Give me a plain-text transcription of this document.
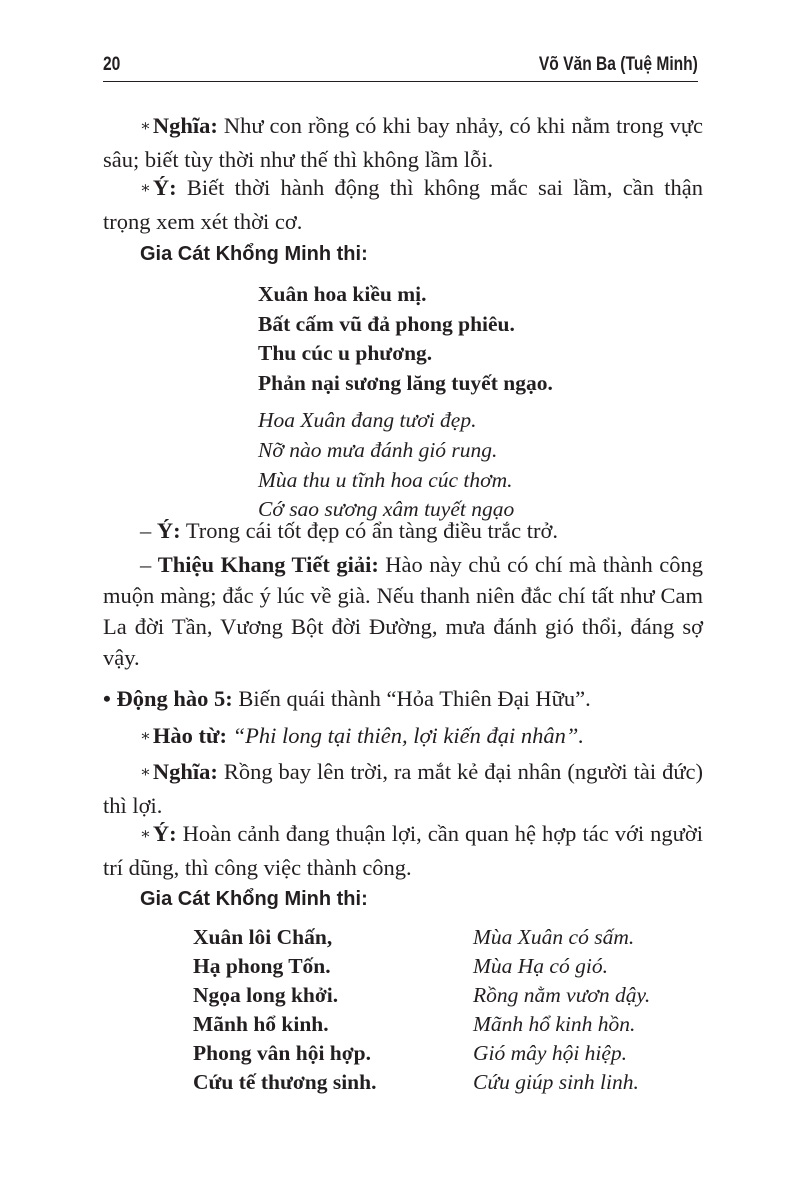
20	Võ Văn Ba (Tuệ Minh)

∗Nghĩa: Như con rồng có khi bay nhảy, có khi nằm trong vực sâu; biết tùy thời như thế thì không lầm lỗi.

∗Ý: Biết thời hành động thì không mắc sai lầm, cần thận trọng xem xét thời cơ.

Gia Cát Khổng Minh thi:
Xuân hoa kiều mị.
Bất cấm vũ đả phong phiêu.
Thu cúc u phương.
Phản nại sương lăng tuyết ngạo.
Hoa Xuân đang tươi đẹp.
Nỡ nào mưa đánh gió rung.
Mùa thu u tĩnh hoa cúc thơm.
Cớ sao sương xâm tuyết ngạo

– Ý: Trong cái tốt đẹp có ẩn tàng điều trắc trở.

– Thiệu Khang Tiết giải: Hào này chủ có chí mà thành công muộn màng; đắc ý lúc về già. Nếu thanh niên đắc chí tất như Cam La đời Tần, Vương Bột đời Đường, mưa đánh gió thổi, đáng sợ vậy.

• Động hào 5: Biến quái thành “Hỏa Thiên Đại Hữu”.

∗Hào từ: “Phi long tại thiên, lợi kiến đại nhân”.

∗Nghĩa: Rồng bay lên trời, ra mắt kẻ đại nhân (người tài đức) thì lợi.

∗Ý: Hoàn cảnh đang thuận lợi, cần quan hệ hợp tác với người trí dũng, thì công việc thành công.

Gia Cát Khổng Minh thi:
Xuân lôi Chấn,	Mùa Xuân có sấm.
Hạ phong Tốn.	Mùa Hạ có gió.
Ngọa long khởi.	Rồng nằm vươn dậy.
Mãnh hổ kinh.	Mãnh hổ kinh hồn.
Phong vân hội hợp.	Gió mây hội hiệp.
Cứu tế thương sinh.	Cứu giúp sinh linh.
